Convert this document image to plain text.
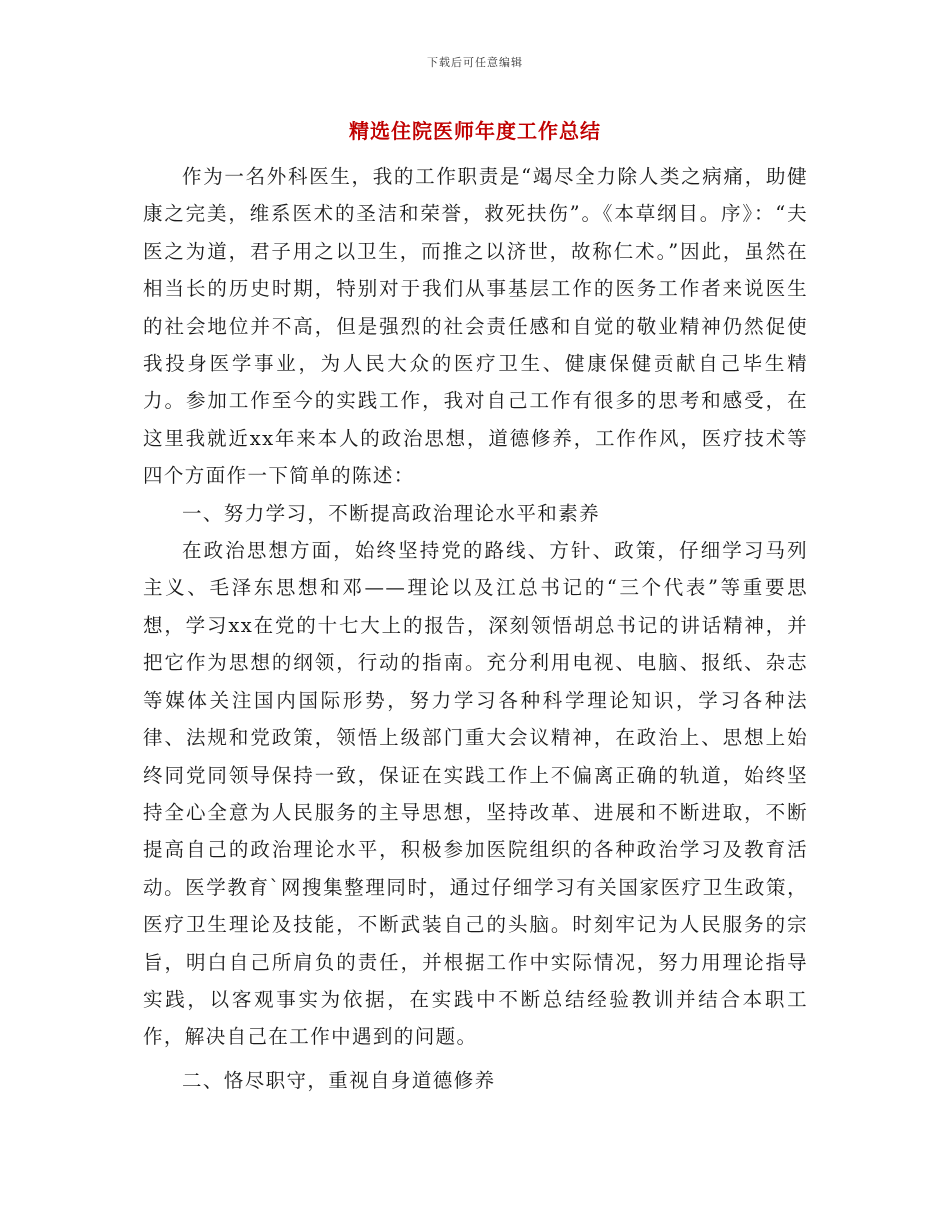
下载后可任意编辑
精选住院医师年度工作总结

作为一名外科医生，我的工作职责是“竭尽全力除人类之病痛，助健康之完美，维系医术的圣洁和荣誉，救死扶伤”。《本草纲目。序》：“夫医之为道，君子用之以卫生，而推之以济世，故称仁术。”因此，虽然在相当长的历史时期，特别对于我们从事基层工作的医务工作者来说医生的社会地位并不高，但是强烈的社会责任感和自觉的敬业精神仍然促使我投身医学事业，为人民大众的医疗卫生、健康保健贡献自己毕生精力。参加工作至今的实践工作，我对自己工作有很多的思考和感受，在这里我就近xx年来本人的政治思想，道德修养，工作作风，医疗技术等四个方面作一下简单的陈述：

一、努力学习，不断提高政治理论水平和素养

在政治思想方面，始终坚持党的路线、方针、政策，仔细学习马列主义、毛泽东思想和邓——理论以及江总书记的“三个代表”等重要思想，学习xx在党的十七大上的报告，深刻领悟胡总书记的讲话精神，并把它作为思想的纲领，行动的指南。充分利用电视、电脑、报纸、杂志等媒体关注国内国际形势，努力学习各种科学理论知识，学习各种法律、法规和党政策，领悟上级部门重大会议精神，在政治上、思想上始终同党同领导保持一致，保证在实践工作上不偏离正确的轨道，始终坚持全心全意为人民服务的主导思想，坚持改革、进展和不断进取，不断提高自己的政治理论水平，积极参加医院组织的各种政治学习及教育活动。医学教育`网搜集整理同时，通过仔细学习有关国家医疗卫生政策，医疗卫生理论及技能，不断武装自己的头脑。时刻牢记为人民服务的宗旨，明白自己所肩负的责任，并根据工作中实际情况，努力用理论指导实践，以客观事实为依据，在实践中不断总结经验教训并结合本职工作，解决自己在工作中遇到的问题。

二、恪尽职守，重视自身道德修养
